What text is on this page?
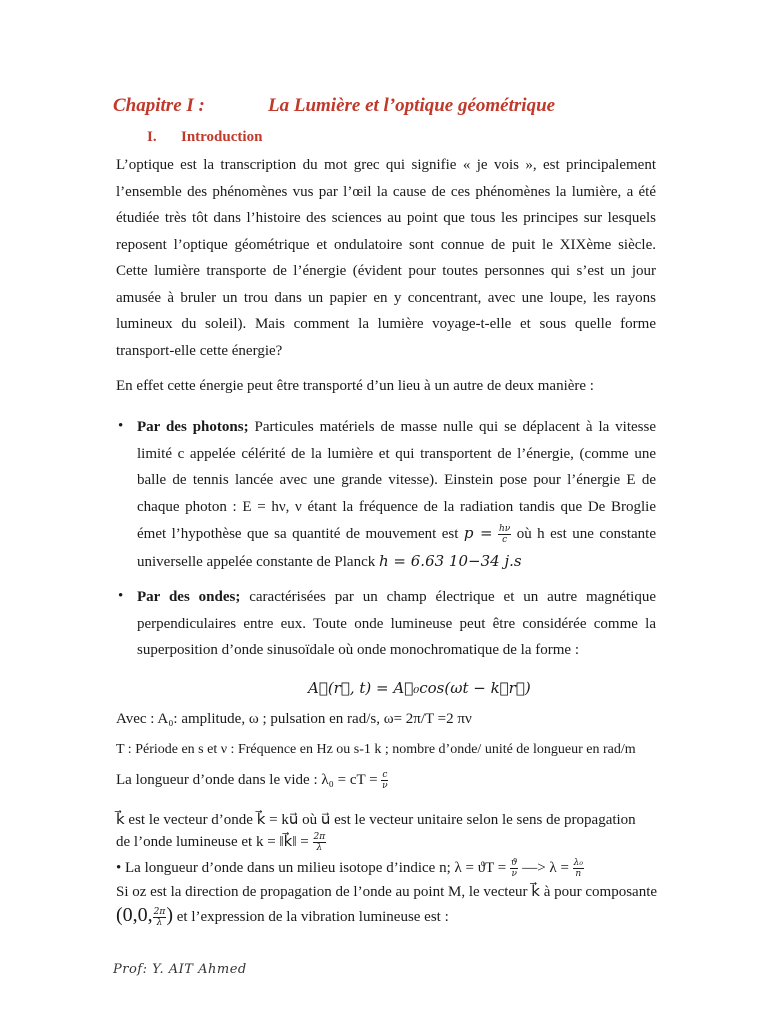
Chapitre I :	La Lumière et l’optique géométrique
I. Introduction
L’optique est la transcription du mot grec qui signifie « je vois », est principalement l’ensemble des phénomènes vus par l’œil la cause de ces phénomènes la lumière, a été étudiée très tôt dans l’histoire des sciences au point que tous les principes sur lesquels reposent l’optique géométrique et ondulatoire sont connue de puit le XIXème siècle. Cette lumière transporte de l’énergie (évident pour toutes personnes qui s’est un jour amusée à bruler un trou dans un papier en y concentrant, avec une loupe, les rayons lumineux du soleil). Mais comment la lumière voyage-t-elle et sous quelle forme transport-elle cette énergie?
En effet cette énergie peut être transporté d’un lieu à un autre de deux manière :
• Par des photons; Particules matériels de masse nulle qui se déplacent à la vitesse limité c appelée célérité de la lumière et qui transportent de l’énergie, (comme une balle de tennis lancée avec une grande vitesse). Einstein pose pour l’énergie E de chaque photon : E = hν, ν étant la fréquence de la radiation tandis que De Broglie émet l’hypothèse que sa quantité de mouvement est $p = \frac{h\nu}{c}$ où h est une constante universelle appelée constante de Planck h = 6.63 10−34 j.s
• Par des ondes; caractérisées par un champ électrique et un autre magnétique perpendiculaires entre eux. Toute onde lumineuse peut être considérée comme la superposition d’onde sinusoïdale où onde monochromatique de la forme :
A⃗(r⃗, t) = A⃗₀cos(ωt − k⃗r⃗)
Avec : A₀: amplitude, ω ; pulsation en rad/s, ω= 2π/T =2 πν
T : Période en s et ν : Fréquence en Hz ou s-1 k ; nombre d’onde/ unité de longueur en rad/m
La longueur d’onde dans le vide : λ₀ = cT = $\frac{c}{\nu}$
k⃗ est le vecteur d’onde k⃗ = ku⃗ où u⃗ est le vecteur unitaire selon le sens de propagation
de l’onde lumineuse et k = ‖k⃗‖ = $\frac{2\pi}{\lambda}$
• La longueur d’onde dans un milieu isotope d’indice n; $\lambda = ϑT = \frac{ϑ}{\nu}$ —> $\lambda = \frac{\text{λ₀}}{n}$
Si oz est la direction de propagation de l’onde au point M, le vecteur k⃗ à pour composante
(0,0, $\frac{2\pi}{\lambda}$ ) et l’expression de la vibration lumineuse est :
Prof: Y. AIT Ahmed
